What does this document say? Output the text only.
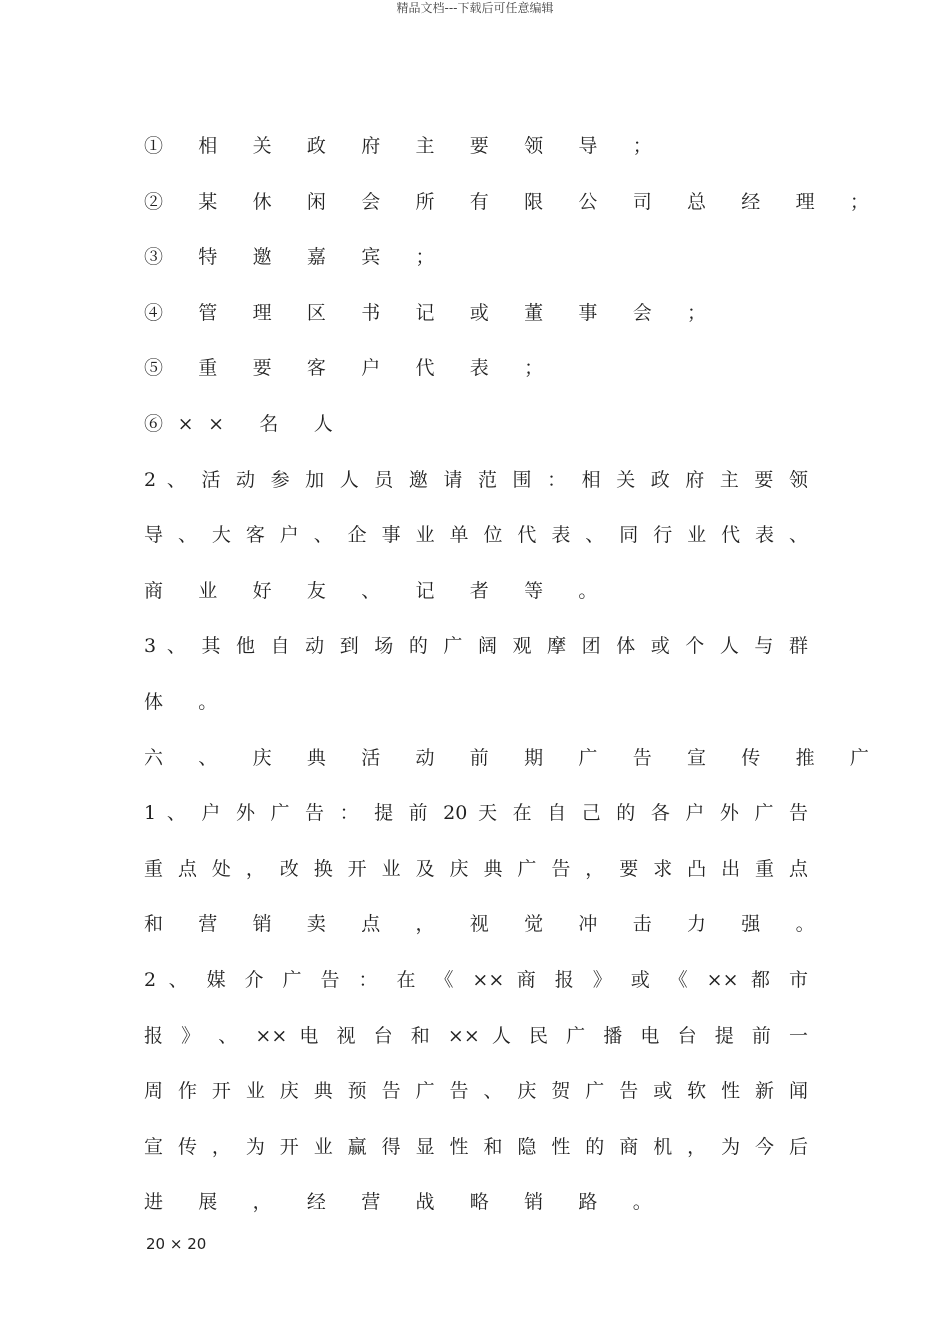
精品文档---下载后可任意编辑
① 相 关 政 府 主 要 领 导 ；
② 某 休 闲 会 所 有 限 公 司 总 经 理 ；
③ 特 邀 嘉 宾 ；
④ 管 理 区 书 记 或 董 事 会 ；
⑤ 重 要 客 户 代 表 ；
⑥×× 名 人
2 、 活 动 参 加 人 员 邀 请 范 围 ： 相 关 政 府 主 要 领
导 、 大 客 户 、 企 事 业 单 位 代 表 、 同 行 业 代 表 、
商 业 好 友 、 记 者 等 。
3 、 其 他 自 动 到 场 的 广 阔 观 摩 团 体 或 个 人 与 群
体 。
六 、 庆 典 活 动 前 期 广 告 宣 传 推 广
1 、 户 外 广 告 ： 提 前 20 天 在 自 己 的 各 户 外 广 告
重 点 处 ， 改 换 开 业 及 庆 典 广 告 ， 要 求 凸 出 重 点
和 营 销 卖 点 ， 视 觉 冲 击 力 强 。
2 、 媒 介 广 告 ： 在 《 ×× 商 报 》 或 《 ×× 都 市
报 》 、 ×× 电 视 台 和 ×× 人 民 广 播 电 台 提 前 一
周 作 开 业 庆 典 预 告 广 告 、 庆 贺 广 告 或 软 性 新 闻
宣 传 ， 为 开 业 赢 得 显 性 和 隐 性 的 商 机 ， 为 今 后
进 展 ， 经 营 战 略 销 路 。
20 × 20
